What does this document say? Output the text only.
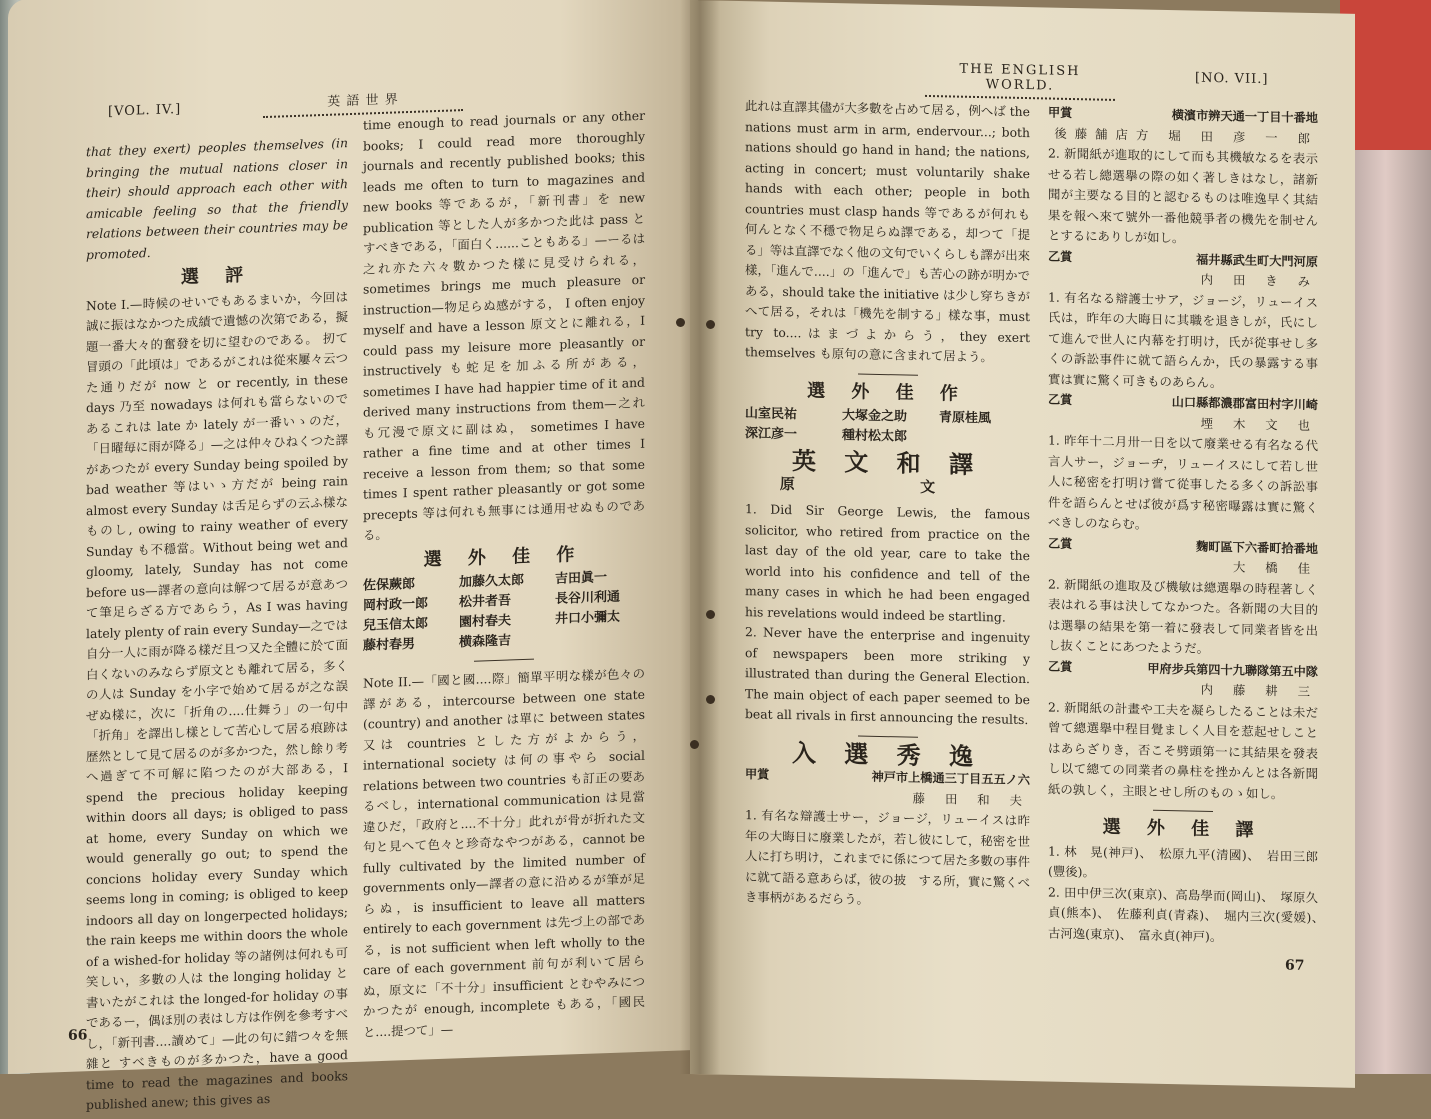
[VOL. IV.]
英 語 世 界

that they exert) peoples themselves (in bringing the mutual nations closer in their) should approach each other with amicable feeling so that the friendly relations between their countries may be promoted.

選 評

Note I.—時候のせいでもあるまいか，今回は誠に振はなかつた成績で遺憾の次第である，擬題一番大々的奮發を切に望むのである。 扨て冒頭の「此頃は」であるがこれは從來屢々云つた通りだが now と or recently, in these days 乃至 nowadays は何れも當らないのであるこれは late か lately が一番いゝのだ，「日曜毎に雨が降る」—之は仲々ひねくつた譯があつたが every Sunday being spoiled by bad weather 等はいゝ方だが being rain almost every Sunday は舌足らずの云ふ樣なものし, owing to rainy weather of every Sunday も不穩當。Without being wet and gloomy, lately, Sunday has not come before us—譯者の意向は解つて居るが意あつて筆足らざる方であらう，As I was having lately plenty of rain every Sunday—之では自分一人に雨が降る樣だ且つ又た全體に於て面白くないのみならず原文とも離れて居る，多くの人は Sunday を小字で始めて居るが之な誤ぜぬ樣に，次に「折角の....仕舞う」の一句中「折角」を譯出し樣として苦心して居る痕跡は歴然として見て居るのが多かつた，然し餘り考へ過ぎて不可解に陷つたのが大部ある，I spend the precious holiday keeping within doors all days; is obliged to pass at home, every Sunday on which we would generally go out; to spend the concions holiday every Sunday which seems long in coming; is obliged to keep indoors all day on longerpected holidays; the rain keeps me within doors the whole of a wished-for holiday 等の諸例は何れも可笑しい，多數の人は the longing holiday と書いたがこれは the longed-for holiday の事であるー，偶ほ別の表はし方は作例を參考すべし，「新刊書....讀めて」—此の句に錯つ々を無雜と すべきものが多かつた，have a good time to read the magazines and books published anew; this gives as

time enough to read journals or any other books; I could read more thoroughly journals and recently published books; this leads me often to turn to magazines and new books 等であるが，「新刊書」を new publication 等とした人が多かつた此は pass とすべきである，「面白く......こともある」—ーるは之れ亦た六々數かつた樣に見受けられる，sometimes brings me much pleasure or instruction—物足らぬ感がする， I often enjoy myself and have a lesson 原文とに離れる，I could pass my leisure more pleasantly or instructively も蛇足を加ふる所がある，sometimes I have had happier time of it and derived many instructions from them—之れも冗漫で原文に副はぬ， sometimes I have rather a fine time and at other times I receive a lesson from them; so that some times I spent rather pleasantly or got some precepts 等は何れも無事には通用せぬものである。

選 外 佳 作
佐保蕨郎	加藤久太郎	吉田眞一
岡村政一郎	松井者吾	長谷川利通
兒玉信太郎	園村春夫	井口小彌太
藤村春男	横森隆吉

Note II.—「國と國....際」簡單平明な樣が色々の譯がある，intercourse between one state (country) and another は單に between states 又は countries とした方がよからう，international society は何の事やら social relations between two countries も訂正の要あるべし，international communication は見當違ひだ，「政府と....不十分」此れが骨が折れた文句と見へて色々と珍奇なやつがある，cannot be fully cultivated by the limited number of governments only—譯者の意に沿めるが筆が足らぬ，is insufficient to leave all matters entirely to each government は先づ上の部である，is not sufficient when left wholly to the care of each government 前句が利いて居らぬ，原文に「不十分」insufficient とむやみにつかつたが enough, incomplete もある，「國民と....提つて」—

66
THE ENGLISH WORLD.	[NO. VII.]

此れは直譯其儘が大多數を占めて居る，例へば the nations must arm in arm, endervour...; both nations should go hand in hand; the nations, acting in concert; must voluntarily shake hands with each other; people in both countries must clasp hands 等であるが何れも何んとなく不穩で物足らぬ譯である，却つて「提る」等は直譯でなく他の文句でいくらしも譯が出來樣，「進んで....」の「進んで」も苦心の跡が明かである，should take the initiative は少し穿ちきがへて居る，それは「機先を制する」樣な事，must try to....はまづよからう，they exert themselves も原句の意に含まれて居よう。

選 外 佳 作
山室民祐	大塚金之助	青原桂風
深江彦一	種村松太郎
英 文 和 譯
原 文

1. Did Sir George Lewis, the famous solicitor, who retired from practice on the last day of the old year, care to take the world into his confidence and tell of the many cases in which he had been engaged his revelations would indeed be startling.

2. Never have the enterprise and ingenuity of newspapers been more striking y illustrated than during the General Election. The main object of each paper seemed to be beat all rivals in first announcing the results.

入 選 秀 逸
甲賞	神戸市上橋通三丁目五五ノ六
藤 田 和 夫

1. 有名な辯護士サー，ジョージ，リューイスは昨年の大晦日に廢業したが，若し彼にして，秘密を世人に打ち明け，これまでに係につて居た多數の事件に就て語る意あらば，彼の披　する所，實に驚くべき事柄があるだらう。

甲賞	横濱市辨天通一丁目十番地
後藤舗店方 堀 田 彦 一 郎

2. 新聞紙が進取的にして而も其機敏なるを表示せる若し總選擧の際の如く著しきはなし，諸新聞が主要なる目的と認むるものは唯逸早く其結果を報へ來て號外一番他競爭者の機先を制せんとするにありしが如し。

乙賞	福井縣武生町大門河原
内 田 き み

1. 有名なる辯護士サア，ジョージ，リューイス氏は，昨年の大晦日に其職を退きしが，氏にして進んで世人に内幕を打明け，氏が從事せし多くの訴訟事件に就て語らんか，氏の暴露する事實は實に驚く可きものあらん。

乙賞	山口縣都濃郡富田村字川崎
堙 木 文 也

1. 昨年十二月卅一日を以て廢業せる有名なる代言人サー，ジョーヂ，リューイスにして若し世人に秘密を打明け嘗て從事したる多くの訴訟事件を語らんとせば彼が爲す秘密曝露は實に驚くべきしのならむ。

乙賞	麴町區下六番町拾番地
大 橋 佳

2. 新聞紙の進取及び機敏は總選擧の時程著しく表はれる事は決してなかつた。各新聞の大目的は選擧の結果を第一着に發表して同業者皆を出し抜くことにあつたようだ。

乙賞	甲府步兵第四十九聯隊第五中隊
内 藤 耕 三

2. 新聞紙の計畫や工夫を凝らしたることは未だ曾て總選擧中程目覺ましく人目を惹起せしことはあらざりき，否こそ劈頭第一に其結果を發表し以て總ての同業者の鼻柱を挫かんとは各新聞紙の孰しく，主眼とせし所のものゝ如し。

選 外 佳 譯

1. 林　晃(神戸)、　松原九平(清國)、　岩田三郎(豐後)。

2. 田中伊三次(東京)、高島學而(岡山)、　塚原久貞(熊本)、　佐藤利貞(青森)、　堀内三次(愛媛)、　古河逸(東京)、　富永貞(神戸)。

67
